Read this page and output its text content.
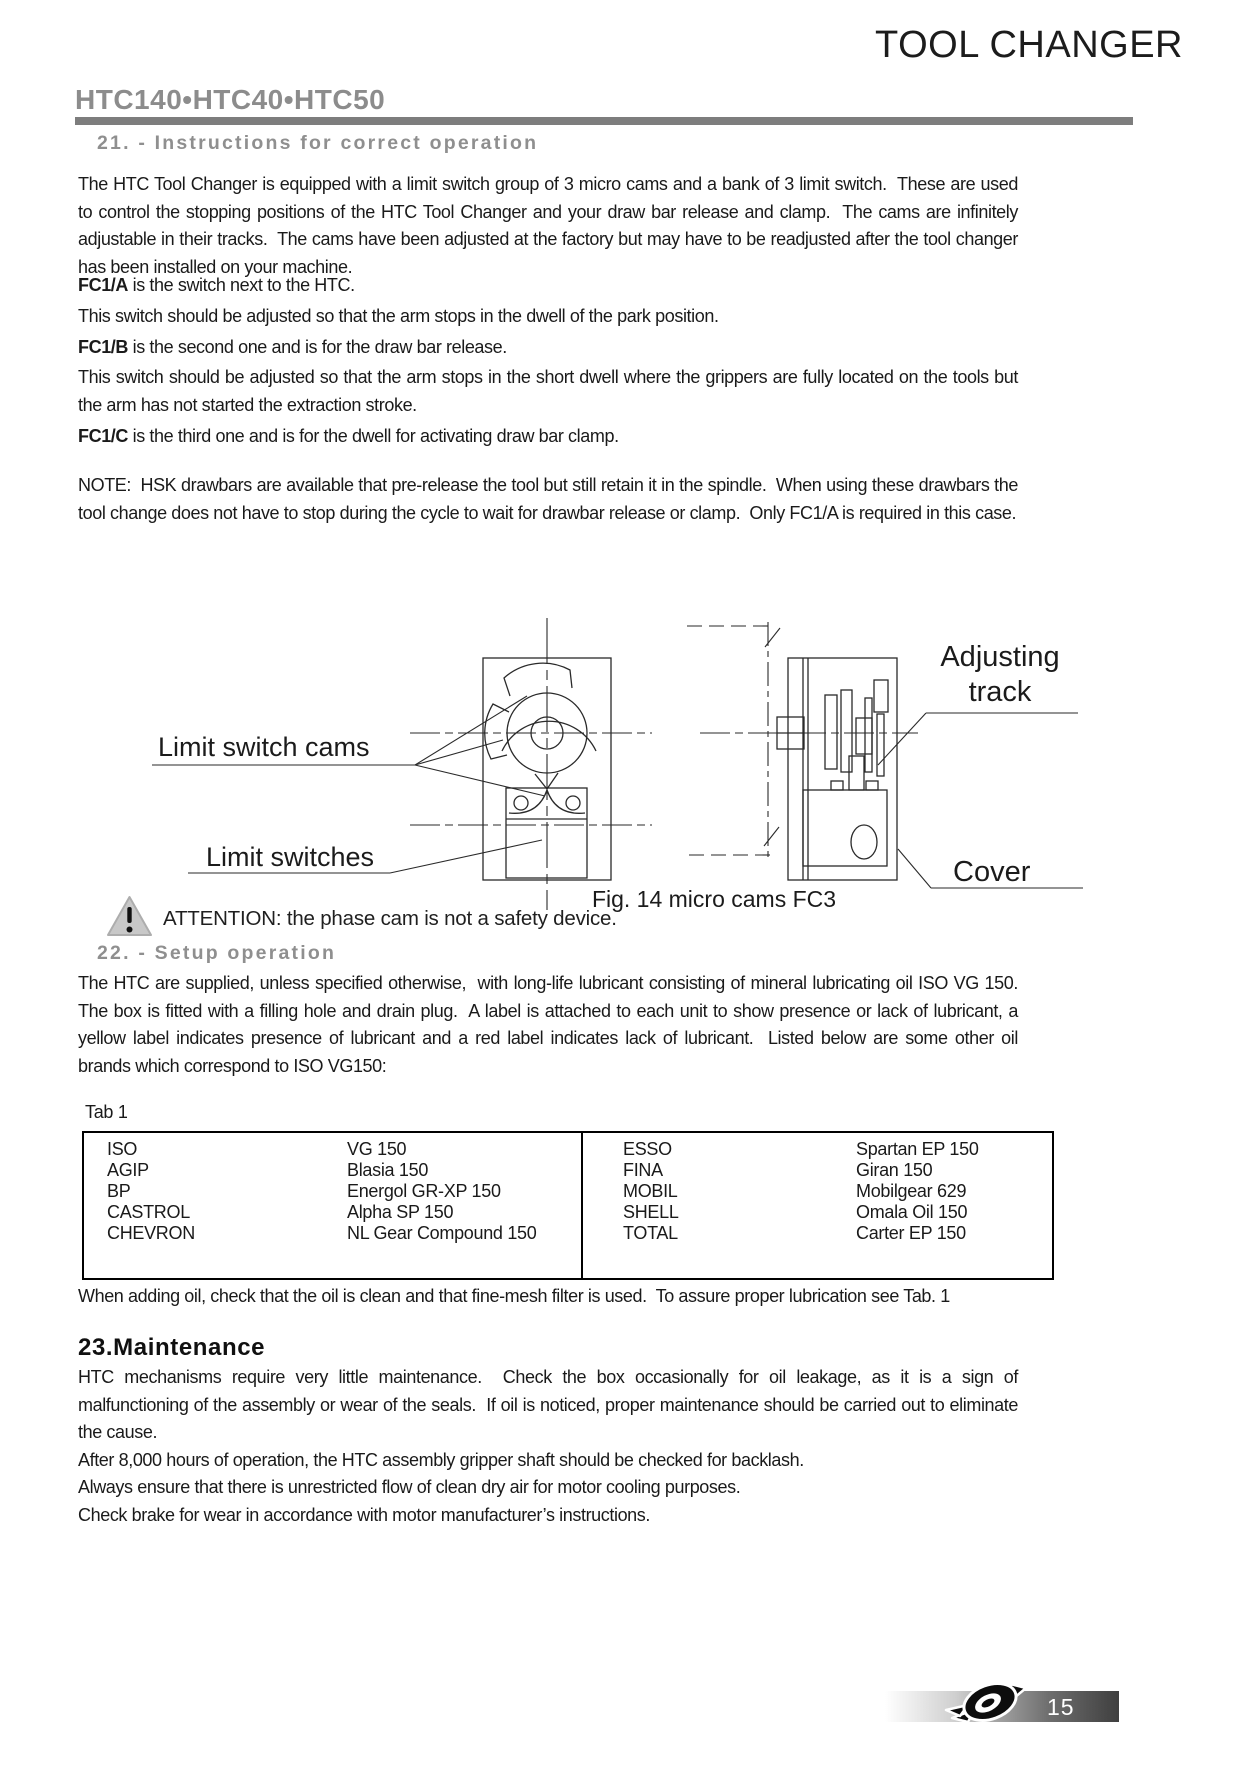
TOOL CHANGER
HTC140•HTC40•HTC50
21. - Instructions for correct operation
The HTC Tool Changer is equipped with a limit switch group of 3 micro cams and a bank of 3 limit switch.  These are used to control the stopping positions of the HTC Tool Changer and your draw bar release and clamp.  The cams are infinitely adjustable in their tracks.  The cams have been adjusted at the factory but may have to be readjusted after the tool changer has been installed on your machine.
FC1/A is the switch next to the HTC.
This switch should be adjusted so that the arm stops in the dwell of the park position.
FC1/B is the second one and is for the draw bar release.
This switch should be adjusted so that the arm stops in the short dwell where the grippers are fully located on the tools but the arm has not started the extraction stroke.
FC1/C is the third one and is for the dwell for activating draw bar clamp.
NOTE:  HSK drawbars are available that pre-release the tool but still retain it in the spindle.  When using these drawbars the tool change does not have to stop during the cycle to wait for drawbar release or clamp.  Only FC1/A is required in this case.
Limit switch cams
Limit switches
Adjusting
track
Cover
Fig. 14 micro cams FC3
ATTENTION: the phase cam is not a safety device.
22. - Setup operation
The HTC are supplied, unless specified otherwise,  with long-life lubricant consisting of mineral lubricating oil ISO VG 150.  The box is fitted with a filling hole and drain plug.  A label is attached to each unit to show presence or lack of lubricant, a yellow label indicates presence of lubricant and a red label indicates lack of lubricant.  Listed below are some other oil brands which correspond to ISO VG150:
Tab 1
ISO	VG 150
AGIP	Blasia 150
BP	Energol GR-XP 150
CASTROL	Alpha SP 150
CHEVRON	NL Gear Compound 150
ESSO	Spartan EP 150
FINA	Giran 150
MOBIL	Mobilgear 629
SHELL	Omala Oil 150
TOTAL	Carter EP 150
When adding oil, check that the oil is clean and that fine-mesh filter is used.  To assure proper lubrication see Tab. 1
23.Maintenance
HTC mechanisms require very little maintenance.  Check the box occasionally for oil leakage, as it is a sign of malfunctioning of the assembly or wear of the seals.  If oil is noticed, proper maintenance should be carried out to eliminate the cause.
After 8,000 hours of operation, the HTC assembly gripper shaft should be checked for backlash.
Always ensure that there is unrestricted flow of clean dry air for motor cooling purposes.
Check brake for wear in accordance with motor manufacturer’s instructions.
15
